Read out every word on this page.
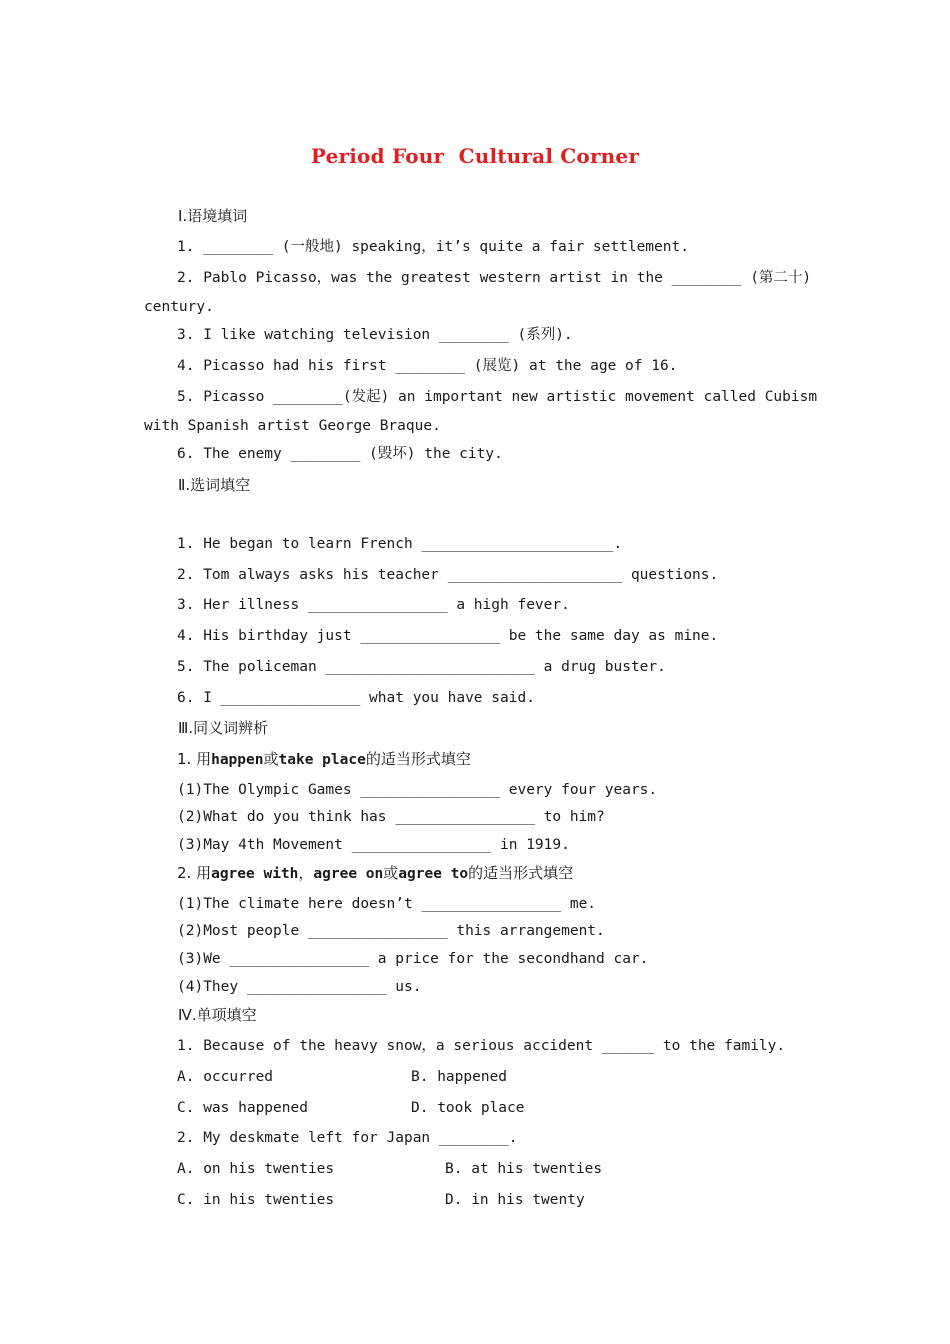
Period Four  Cultural Corner
Ⅰ.语境填词
1. ________ (一般地) speaking，it’s quite a fair settlement.
2. Pablo Picasso，was the greatest western artist in the ________ (第二十)
century.
3. I like watching television ________ (系列).
4. Picasso had his first ________ (展览) at the age of 16.
5. Picasso ________(发起) an important new artistic movement called Cubism
with Spanish artist George Braque.
6. The enemy ________ (毁坏) the city.
Ⅱ.选词填空
1. He began to learn French ______________________.
2. Tom always asks his teacher ____________________ questions.
3. Her illness ________________ a high fever.
4. His birthday just ________________ be the same day as mine.
5. The policeman ________________________ a drug buster.
6. I ________________ what you have said.
Ⅲ.同义词辨析
1. 用happen或take place的适当形式填空
(1)The Olympic Games ________________ every four years.
(2)What do you think has ________________ to him?
(3)May 4th Movement ________________ in 1919.
2. 用agree with，agree on或agree to的适当形式填空
(1)The climate here doesn’t ________________ me.
(2)Most people ________________ this arrangement.
(3)We ________________ a price for the secondhand car.
(4)They ________________ us.
Ⅳ.单项填空
1. Because of the heavy snow，a serious accident ______ to the family.
A. occurred	B. happened
C. was happened	D. took place
2. My deskmate left for Japan ________.
A. on his twenties	B. at his twenties
C. in his twenties	D. in his twenty
